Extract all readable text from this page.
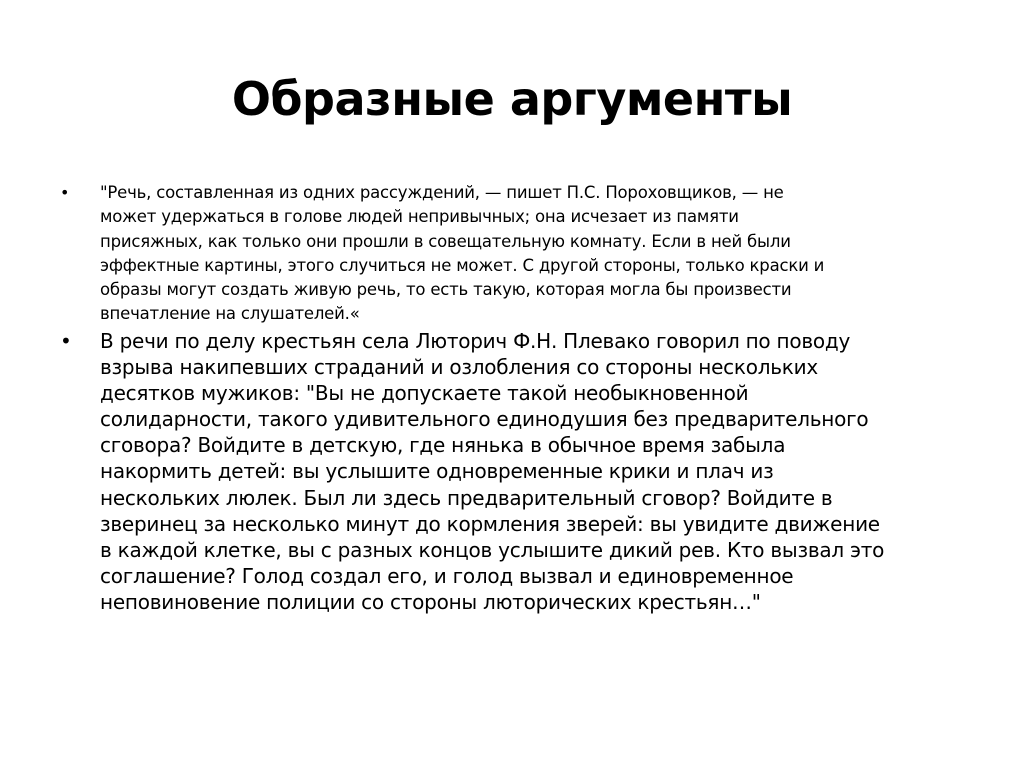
Образные аргументы
• "Речь, составленная из одних рассуждений, — пишет П.С. Пороховщиков, — не
может удержаться в голове людей непривычных; она исчезает из памяти
присяжных, как только они прошли в совещательную комнату. Если в ней были
эффектные картины, этого случиться не может. С другой стороны, только краски и
образы могут создать живую речь, то есть такую, которая могла бы произвести
впечатление на слушателей.«
• В речи по делу крестьян села Люторич Ф.Н. Плевако говорил по поводу
взрыва накипевших страданий и озлобления со стороны нескольких
десятков мужиков: "Вы не допускаете такой необыкновенной
солидарности, такого удивительного единодушия без предварительного
сговора? Войдите в детскую, где нянька в обычное время забыла
накормить детей: вы услышите одновременные крики и плач из
нескольких люлек. Был ли здесь предварительный сговор? Войдите в
зверинец за несколько минут до кормления зверей: вы увидите движение
в каждой клетке, вы с разных концов услышите дикий рев. Кто вызвал это
соглашение? Голод создал его, и голод вызвал и единовременное
неповиновение полиции со стороны люторических крестьян…"
